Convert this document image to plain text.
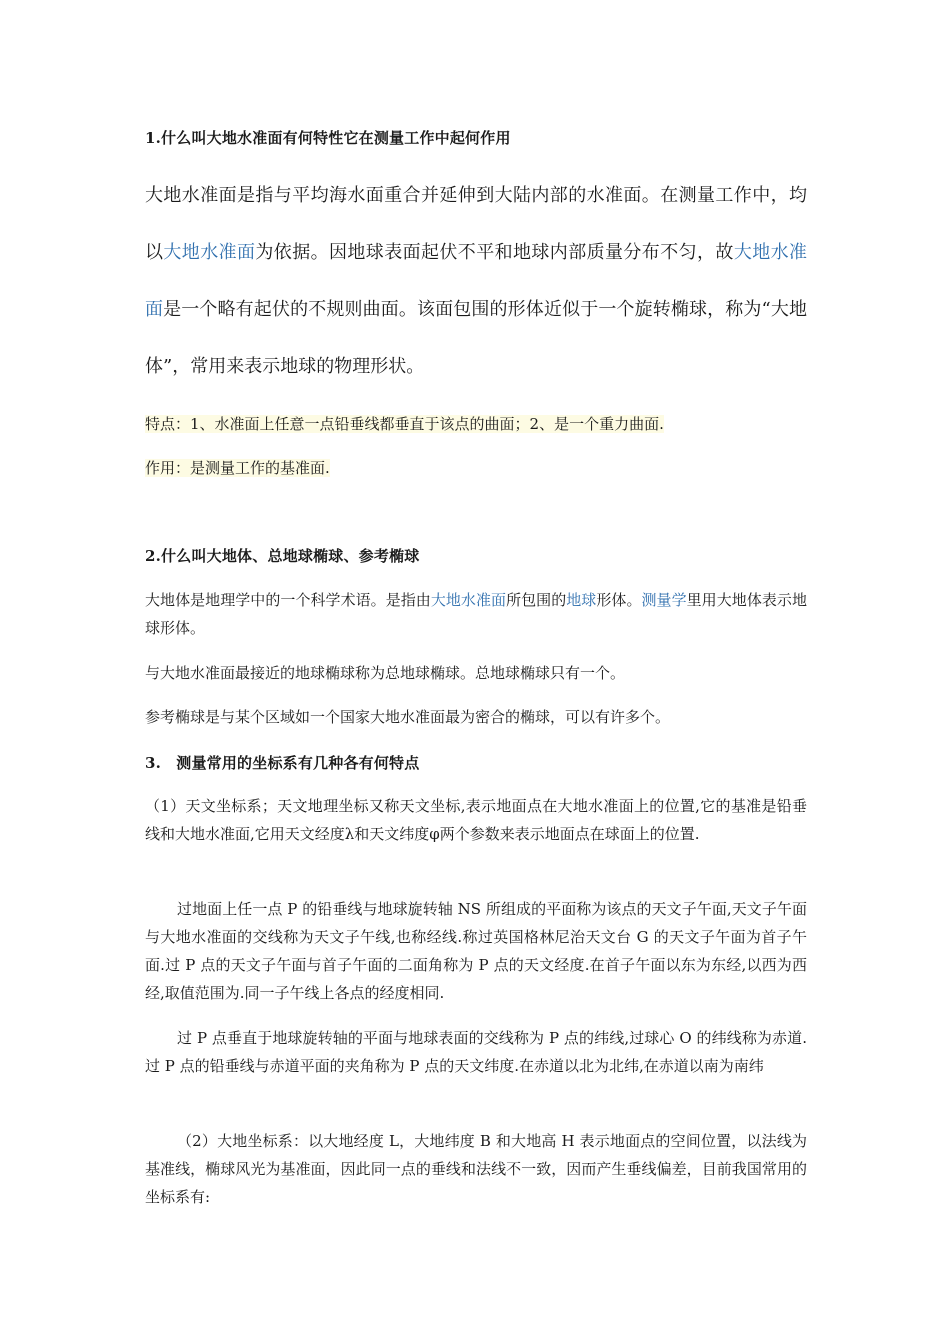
1.什么叫大地水准面有何特性它在测量工作中起何作用

大地水准面是指与平均海水面重合并延伸到大陆内部的水准面。在测量工作中，均以大地水准面为依据。因地球表面起伏不平和地球内部质量分布不匀，故大地水准面是一个略有起伏的不规则曲面。该面包围的形体近似于一个旋转椭球，称为“大地体”，常用来表示地球的物理形状。

特点：1、水准面上任意一点铅垂线都垂直于该点的曲面；2、是一个重力曲面.

作用：是测量工作的基准面.

2.什么叫大地体、总地球椭球、参考椭球

大地体是地理学中的一个科学术语。是指由大地水准面所包围的地球形体。测量学里用大地体表示地球形体。

与大地水准面最接近的地球椭球称为总地球椭球。总地球椭球只有一个。

参考椭球是与某个区域如一个国家大地水准面最为密合的椭球，可以有许多个。

3.　测量常用的坐标系有几种各有何特点

（1）天文坐标系；天文地理坐标又称天文坐标,表示地面点在大地水准面上的位置,它的基准是铅垂线和大地水准面,它用天文经度λ和天文纬度φ两个参数来表示地面点在球面上的位置.

过地面上任一点 P 的铅垂线与地球旋转轴 NS 所组成的平面称为该点的天文子午面,天文子午面与大地水准面的交线称为天文子午线,也称经线.称过英国格林尼治天文台 G 的天文子午面为首子午面.过 P 点的天文子午面与首子午面的二面角称为 P 点的天文经度.在首子午面以东为东经,以西为西经,取值范围为.同一子午线上各点的经度相同.

过 P 点垂直于地球旋转轴的平面与地球表面的交线称为 P 点的纬线,过球心 O 的纬线称为赤道.过 P 点的铅垂线与赤道平面的夹角称为 P 点的天文纬度.在赤道以北为北纬,在赤道以南为南纬

（2）大地坐标系：以大地经度 L，大地纬度 B 和大地高 H 表示地面点的空间位置，以法线为基准线，椭球风光为基准面，因此同一点的垂线和法线不一致，因而产生垂线偏差，目前我国常用的坐标系有:
